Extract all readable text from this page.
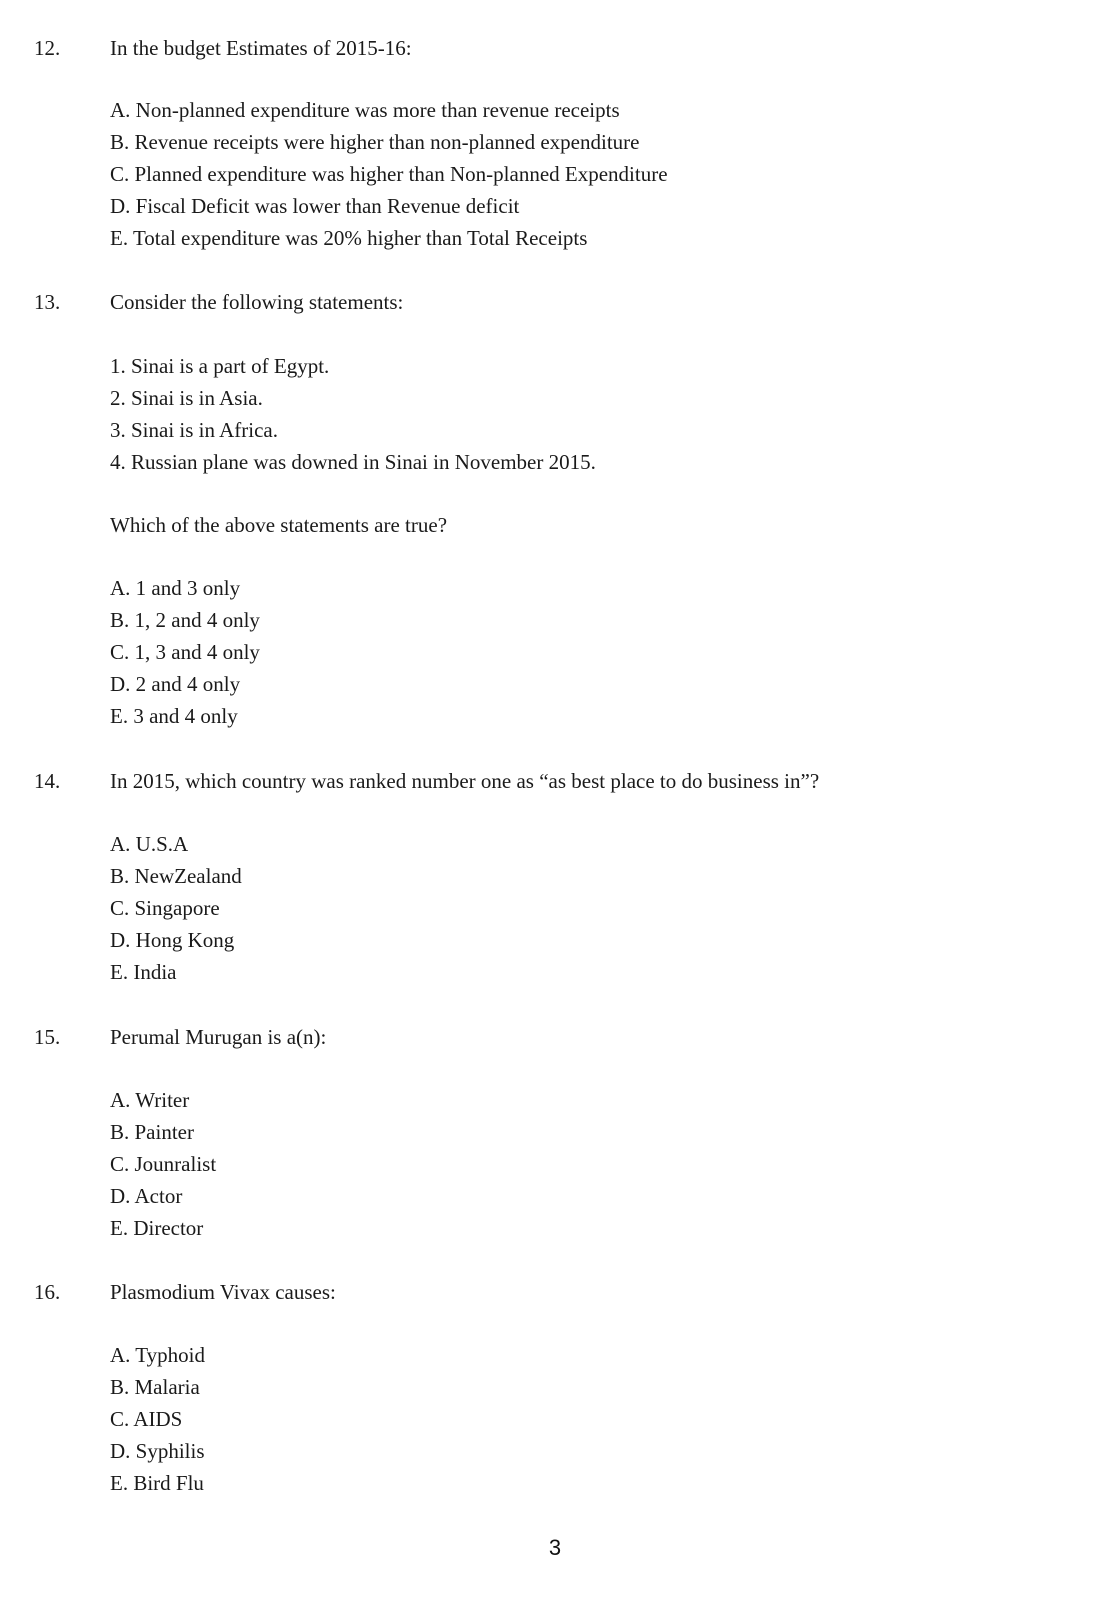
12. In the budget Estimates of 2015-16:
A. Non-planned expenditure was more than revenue receipts
B. Revenue receipts were higher than non-planned expenditure
C. Planned expenditure was higher than Non-planned Expenditure
D. Fiscal Deficit was lower than Revenue deficit
E. Total expenditure was 20% higher than Total Receipts
13. Consider the following statements:
1. Sinai is a part of Egypt.
2. Sinai is in Asia.
3. Sinai is in Africa.
4. Russian plane was downed in Sinai in November 2015.
Which of the above statements are true?
A. 1 and 3 only
B. 1, 2 and 4 only
C. 1, 3 and 4 only
D. 2 and 4 only
E. 3 and 4 only
14. In 2015, which country was ranked number one as “as best place to do business in”?
A. U.S.A
B. NewZealand
C. Singapore
D. Hong Kong
E. India
15. Perumal Murugan is a(n):
A. Writer
B. Painter
C. Jounralist
D. Actor
E. Director
16. Plasmodium Vivax causes:
A. Typhoid
B. Malaria
C. AIDS
D. Syphilis
E. Bird Flu
3
